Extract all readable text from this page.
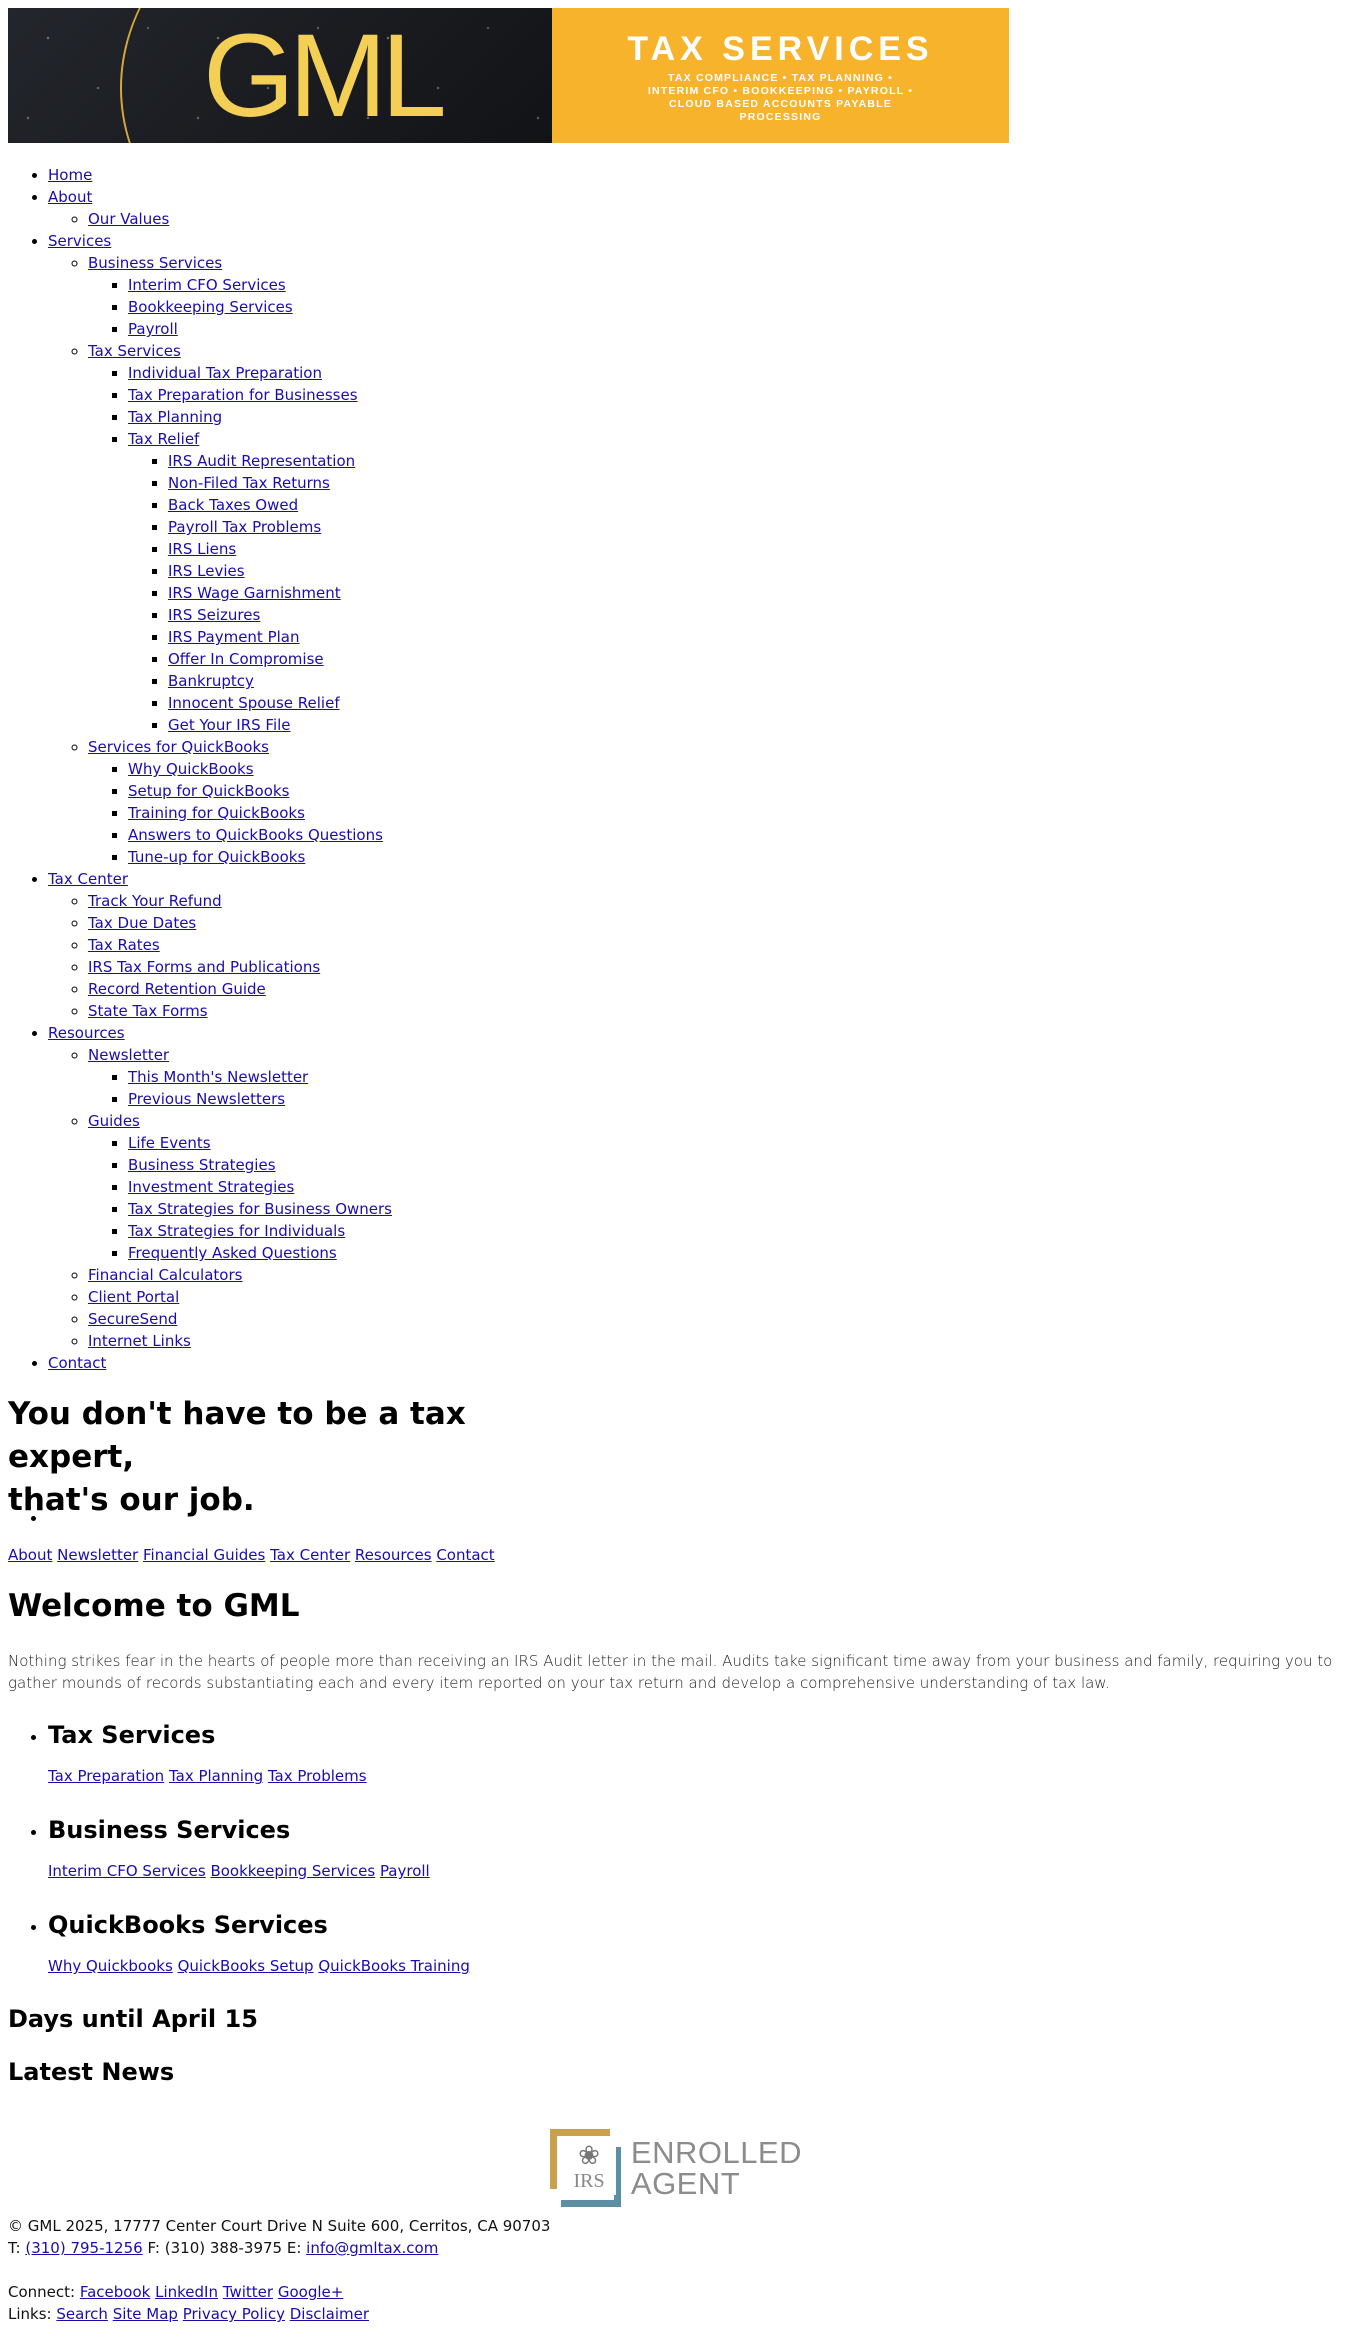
GML	TAX SERVICES
TAX COMPLIANCE • TAX PLANNING •
INTERIM CFO • BOOKKEEPING • PAYROLL •
CLOUD BASED ACCOUNTS PAYABLE
PROCESSING
• Home
• About
◦ Our Values
• Services
◦ Business Services
▪ Interim CFO Services
▪ Bookkeeping Services
▪ Payroll
◦ Tax Services
▪ Individual Tax Preparation
▪ Tax Preparation for Businesses
▪ Tax Planning
▪ Tax Relief
▪ IRS Audit Representation
▪ Non-Filed Tax Returns
▪ Back Taxes Owed
▪ Payroll Tax Problems
▪ IRS Liens
▪ IRS Levies
▪ IRS Wage Garnishment
▪ IRS Seizures
▪ IRS Payment Plan
▪ Offer In Compromise
▪ Bankruptcy
▪ Innocent Spouse Relief
▪ Get Your IRS File
◦ Services for QuickBooks
▪ Why QuickBooks
▪ Setup for QuickBooks
▪ Training for QuickBooks
▪ Answers to QuickBooks Questions
▪ Tune-up for QuickBooks
• Tax Center
◦ Track Your Refund
◦ Tax Due Dates
◦ Tax Rates
◦ IRS Tax Forms and Publications
◦ Record Retention Guide
◦ State Tax Forms
• Resources
◦ Newsletter
▪ This Month's Newsletter
▪ Previous Newsletters
◦ Guides
▪ Life Events
▪ Business Strategies
▪ Investment Strategies
▪ Tax Strategies for Business Owners
▪ Tax Strategies for Individuals
▪ Frequently Asked Questions
◦ Financial Calculators
◦ Client Portal
◦ SecureSend
◦ Internet Links
• Contact
You don't have to be a tax expert,
that's our job.
•
About Newsletter Financial Guides Tax Center Resources Contact
Welcome to GML

Nothing strikes fear in the hearts of people more than receiving an IRS Audit letter in the mail. Audits take significant time away from your business and family, requiring you to gather mounds of records substantiating each and every item reported on your tax return and develop a comprehensive understanding of tax law.

• Tax Services
Tax Preparation Tax Planning Tax Problems
• Business Services
Interim CFO Services Bookkeeping Services Payroll
• QuickBooks Services
Why Quickbooks QuickBooks Setup QuickBooks Training
Days until April 15
Latest News
❀
IRS
ENROLLED
AGENT
© GML 2025, 17777 Center Court Drive N Suite 600, Cerritos, CA 90703
T: (310) 795-1256 F: (310) 388-3975 E: info@gmltax.com
Connect: Facebook LinkedIn Twitter Google+
Links: Search Site Map Privacy Policy Disclaimer
